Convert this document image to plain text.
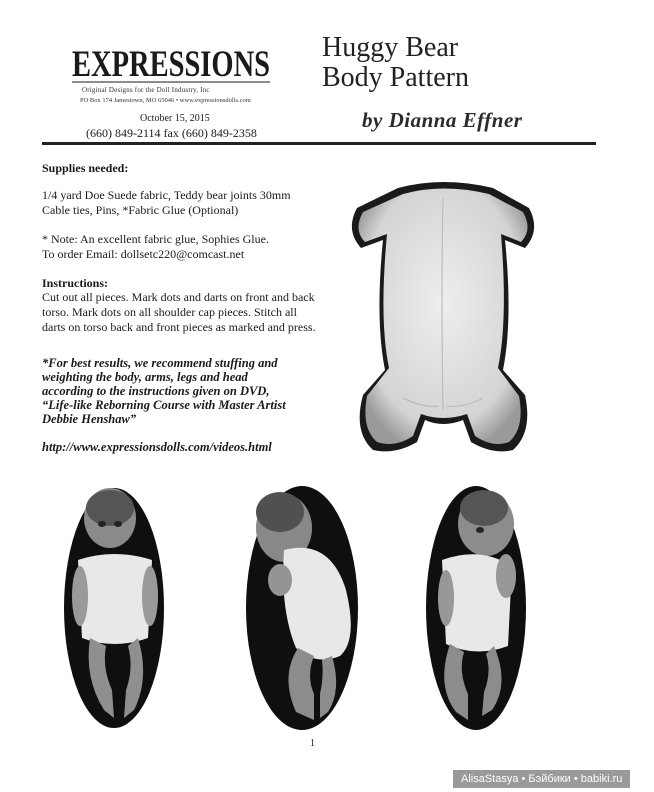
EXPRESSIONS
Original Designs for the Doll Industry, Inc
PO Box 174 Jamestown, MO 65046 • www.expressionsdolls.com
October 15, 2015
(660) 849-2114 fax (660) 849-2358
Huggy Bear
Body Pattern
by Dianna Effner
Supplies needed:
1/4 yard Doe Suede fabric, Teddy bear joints 30mm
Cable ties, Pins, *Fabric Glue (Optional)
* Note: An excellent fabric glue, Sophies Glue.
To order Email: dollsetc220@comcast.net
Instructions:
Cut out all pieces. Mark dots and darts on front and back
torso. Mark dots on all shoulder cap pieces. Stitch all
darts on torso back and front pieces as marked and press.
*For best results, we recommend stuffing and
weighting the body, arms, legs and head
according to the instructions given on DVD,
“Life-like Reborning Course with Master Artist
Debbie Henshaw”
http://www.expressionsdolls.com/videos.html
1
AlisaStasya • Бэйбики • babiki.ru
